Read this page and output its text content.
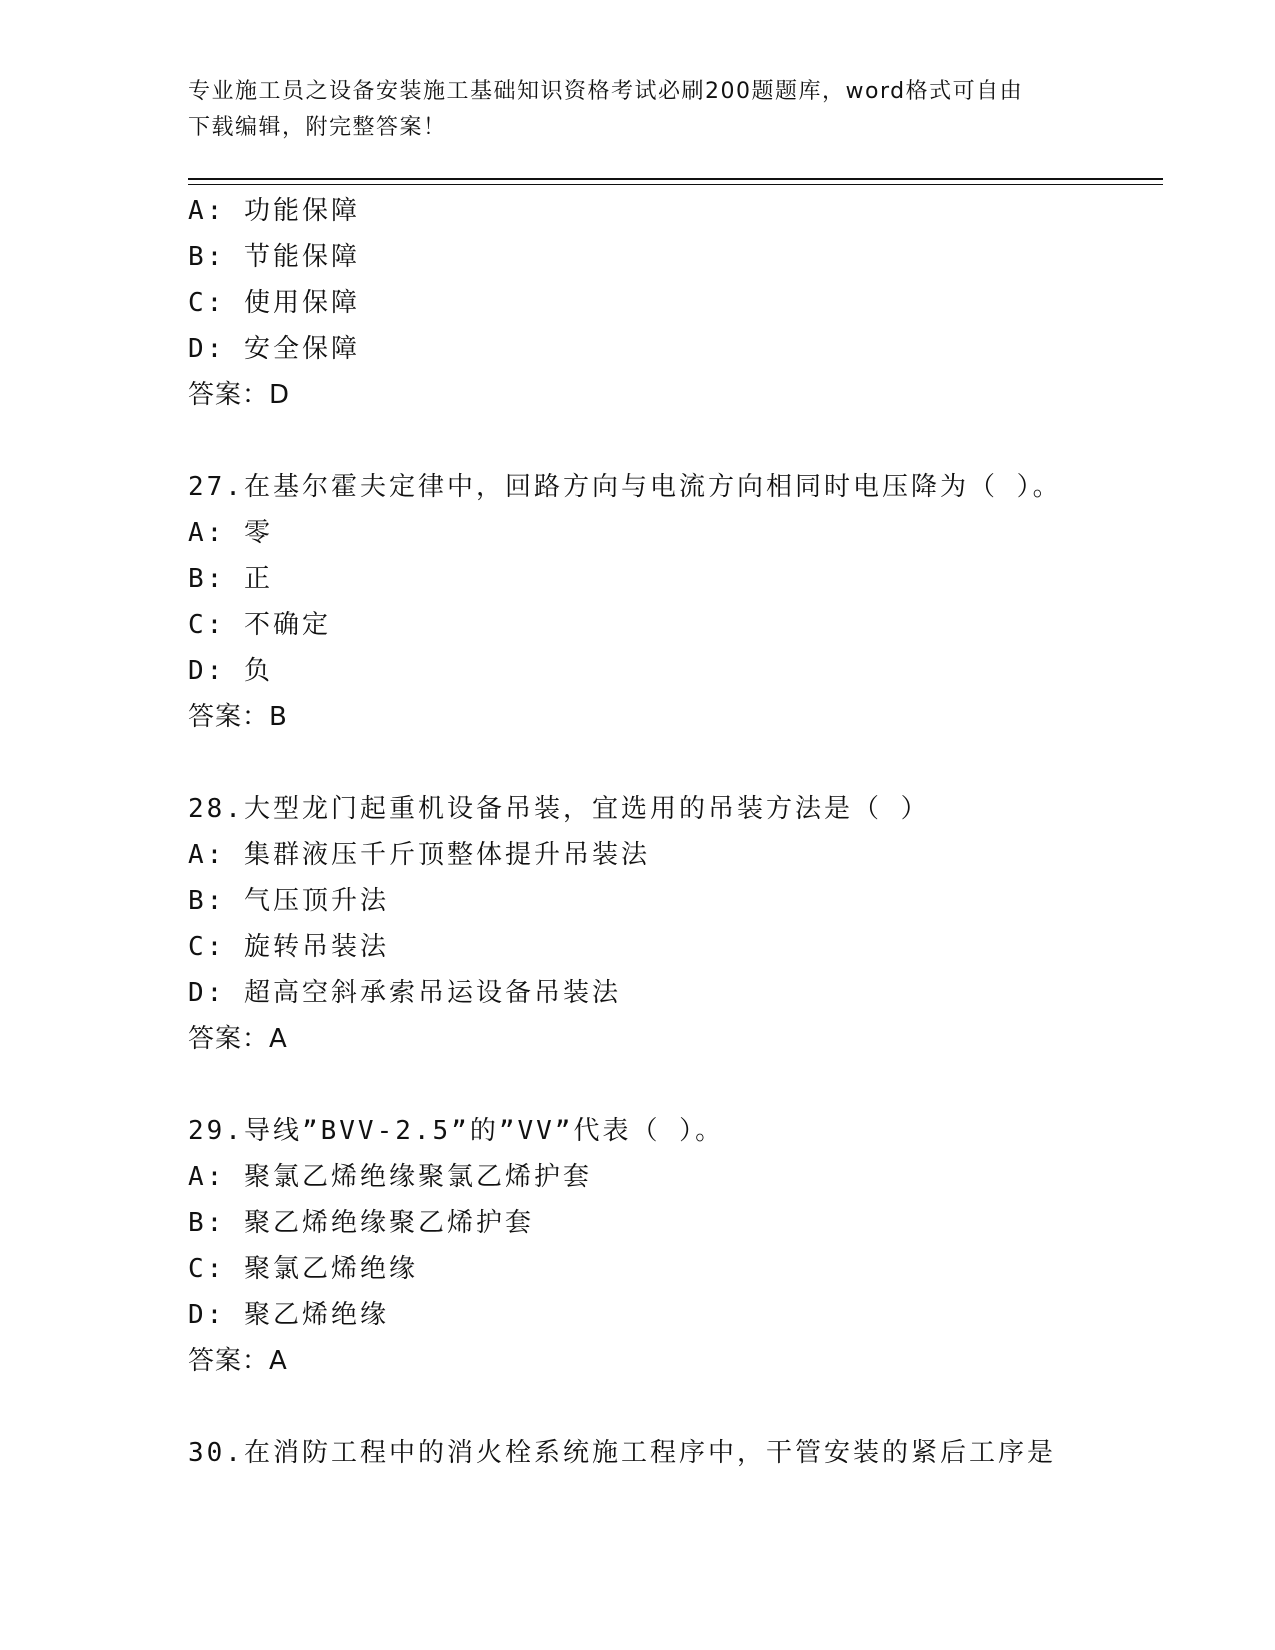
专业施工员之设备安装施工基础知识资格考试必刷200题题库，word格式可自由
下载编辑，附完整答案！
A: 功能保障
B: 节能保障
C: 使用保障
D: 安全保障
答案：D
27.在基尔霍夫定律中，回路方向与电流方向相同时电压降为（ ）。
A: 零
B: 正
C: 不确定
D: 负
答案：B
28.大型龙门起重机设备吊装，宜选用的吊装方法是（ ）
A: 集群液压千斤顶整体提升吊装法
B: 气压顶升法
C: 旋转吊装法
D: 超高空斜承索吊运设备吊装法
答案：A
29.导线”BVV-2.5”的”VV”代表（ ）。
A: 聚氯乙烯绝缘聚氯乙烯护套
B: 聚乙烯绝缘聚乙烯护套
C: 聚氯乙烯绝缘
D: 聚乙烯绝缘
答案：A
30.在消防工程中的消火栓系统施工程序中，干管安装的紧后工序是
